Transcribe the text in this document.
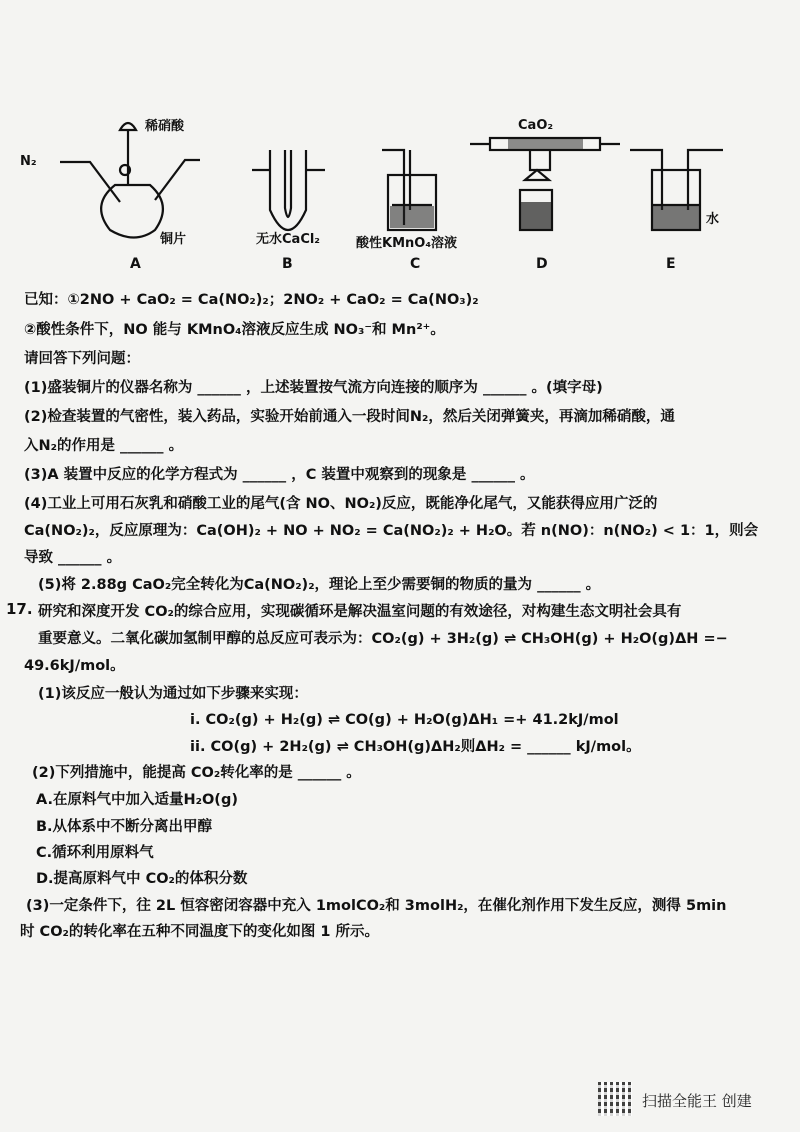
稀硝酸
N₂
铜片	无水CaCl₂	酸性KMnO₄溶液
CaO₂
水
A	B	C	D	E
已知：①2NO + CaO₂ = Ca(NO₂)₂；2NO₂ + CaO₂ = Ca(NO₃)₂
②酸性条件下，NO 能与 KMnO₄溶液反应生成 NO₃⁻和 Mn²⁺。
请回答下列问题：
(1)盛装铜片的仪器名称为 ______ ，上述装置按气流方向连接的顺序为 ______ 。(填字母)
(2)检查装置的气密性，装入药品，实验开始前通入一段时间N₂，然后关闭弹簧夹，再滴加稀硝酸，通
入N₂的作用是 ______ 。
(3)A 装置中反应的化学方程式为 ______ ，C 装置中观察到的现象是 ______ 。
(4)工业上可用石灰乳和硝酸工业的尾气(含 NO、NO₂)反应，既能净化尾气，又能获得应用广泛的
Ca(NO₂)₂，反应原理为：Ca(OH)₂ + NO + NO₂ = Ca(NO₂)₂ + H₂O。若 n(NO)：n(NO₂) < 1：1，则会
导致 ______ 。
(5)将 2.88g CaO₂完全转化为Ca(NO₂)₂，理论上至少需要铜的物质的量为 ______ 。
17. 研究和深度开发 CO₂的综合应用，实现碳循环是解决温室问题的有效途径，对构建生态文明社会具有
重要意义。二氧化碳加氢制甲醇的总反应可表示为：CO₂(g) + 3H₂(g) ⇌ CH₃OH(g) + H₂O(g)ΔH =−
49.6kJ/mol。
(1)该反应一般认为通过如下步骤来实现：
i. CO₂(g) + H₂(g) ⇌ CO(g) + H₂O(g)ΔH₁ =+ 41.2kJ/mol
ii. CO(g) + 2H₂(g) ⇌ CH₃OH(g)ΔH₂则ΔH₂ = ______ kJ/mol。
(2)下列措施中，能提高 CO₂转化率的是 ______ 。
A.在原料气中加入适量H₂O(g)
B.从体系中不断分离出甲醇
C.循环利用原料气
D.提高原料气中 CO₂的体积分数
(3)一定条件下，往 2L 恒容密闭容器中充入 1molCO₂和 3molH₂，在催化剂作用下发生反应，测得 5min
时 CO₂的转化率在五种不同温度下的变化如图 1 所示。
扫描全能王 创建
